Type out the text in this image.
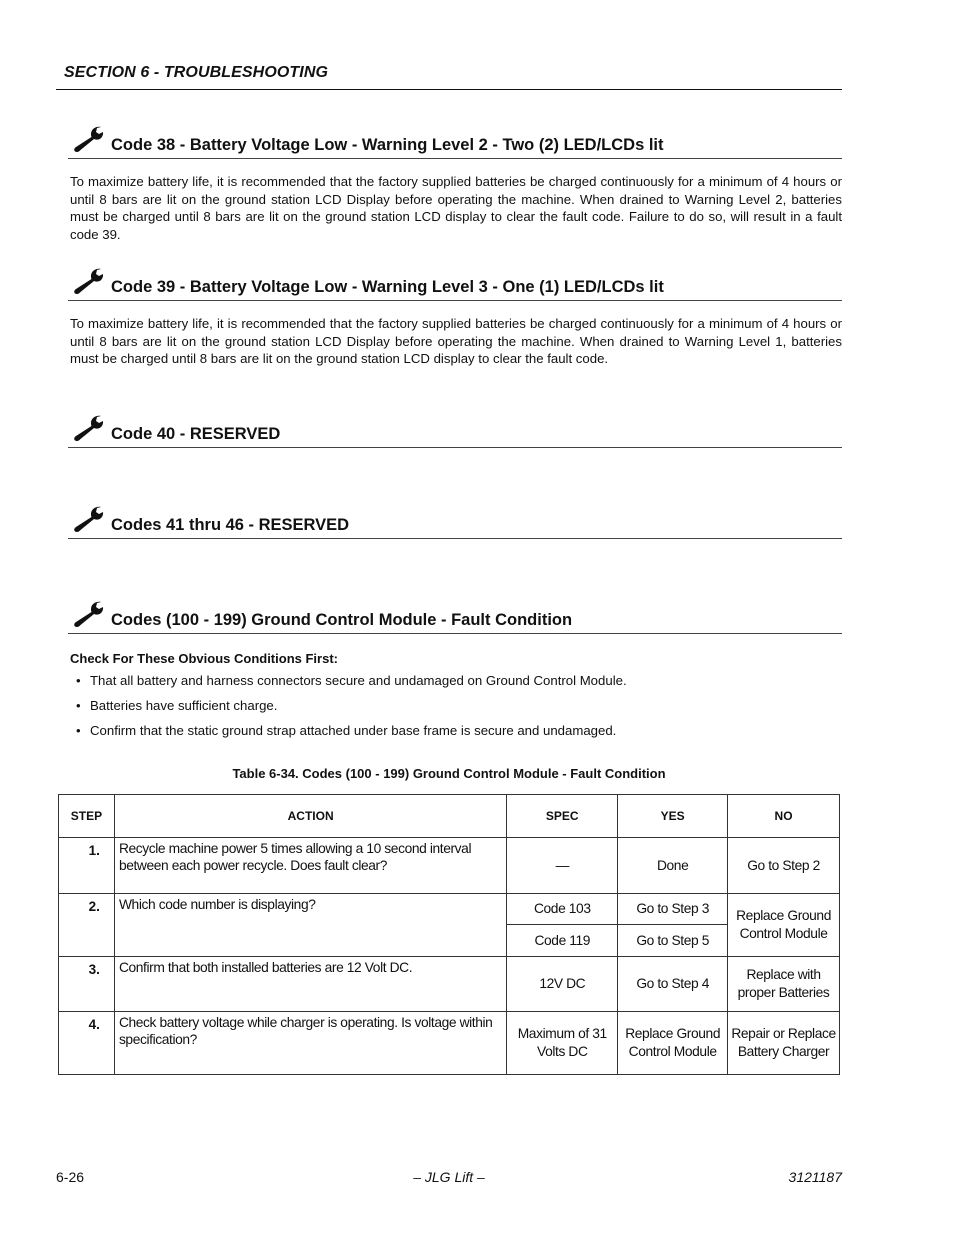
SECTION 6 - TROUBLESHOOTING
Code 38 - Battery Voltage Low - Warning Level 2 - Two (2) LED/LCDs lit
To maximize battery life, it is recommended that the factory supplied batteries be charged continuously for a minimum of 4 hours or until 8 bars are lit on the ground station LCD Display before operating the machine. When drained to Warning Level 2, batteries must be charged until 8 bars are lit on the ground station LCD display to clear the fault code. Failure to do so, will result in a fault code 39.
Code 39 - Battery Voltage Low - Warning Level 3 - One (1) LED/LCDs lit
To maximize battery life, it is recommended that the factory supplied batteries be charged continuously for a minimum of 4 hours or until 8 bars are lit on the ground station LCD Display before operating the machine. When drained to Warning Level 1, batteries must be charged until 8 bars are lit on the ground station LCD display to clear the fault code.
Code 40 - RESERVED
Codes 41 thru 46 - RESERVED
Codes (100 - 199) Ground Control Module - Fault Condition
Check For These Obvious Conditions First:
• That all battery and harness connectors secure and undamaged on Ground Control Module.
• Batteries have sufficient charge.
• Confirm that the static ground strap attached under base frame is secure and undamaged.
Table 6-34. Codes (100 - 199) Ground Control Module - Fault Condition
STEP	ACTION	SPEC	YES	NO
1.	Recycle machine power 5 times allowing a 10 second interval between each power recycle. Does fault clear?	—	Done	Go to Step 2
2.	Which code number is displaying?	Code 103	Go to Step 3	Replace Ground Control Module
		Code 119	Go to Step 5	
3.	Confirm that both installed batteries are 12 Volt DC.	12V DC	Go to Step 4	Replace with proper Batteries
4.	Check battery voltage while charger is operating. Is voltage within specification?	Maximum of 31 Volts DC	Replace Ground Control Module	Repair or Replace Battery Charger
6-26	– JLG Lift –	3121187
